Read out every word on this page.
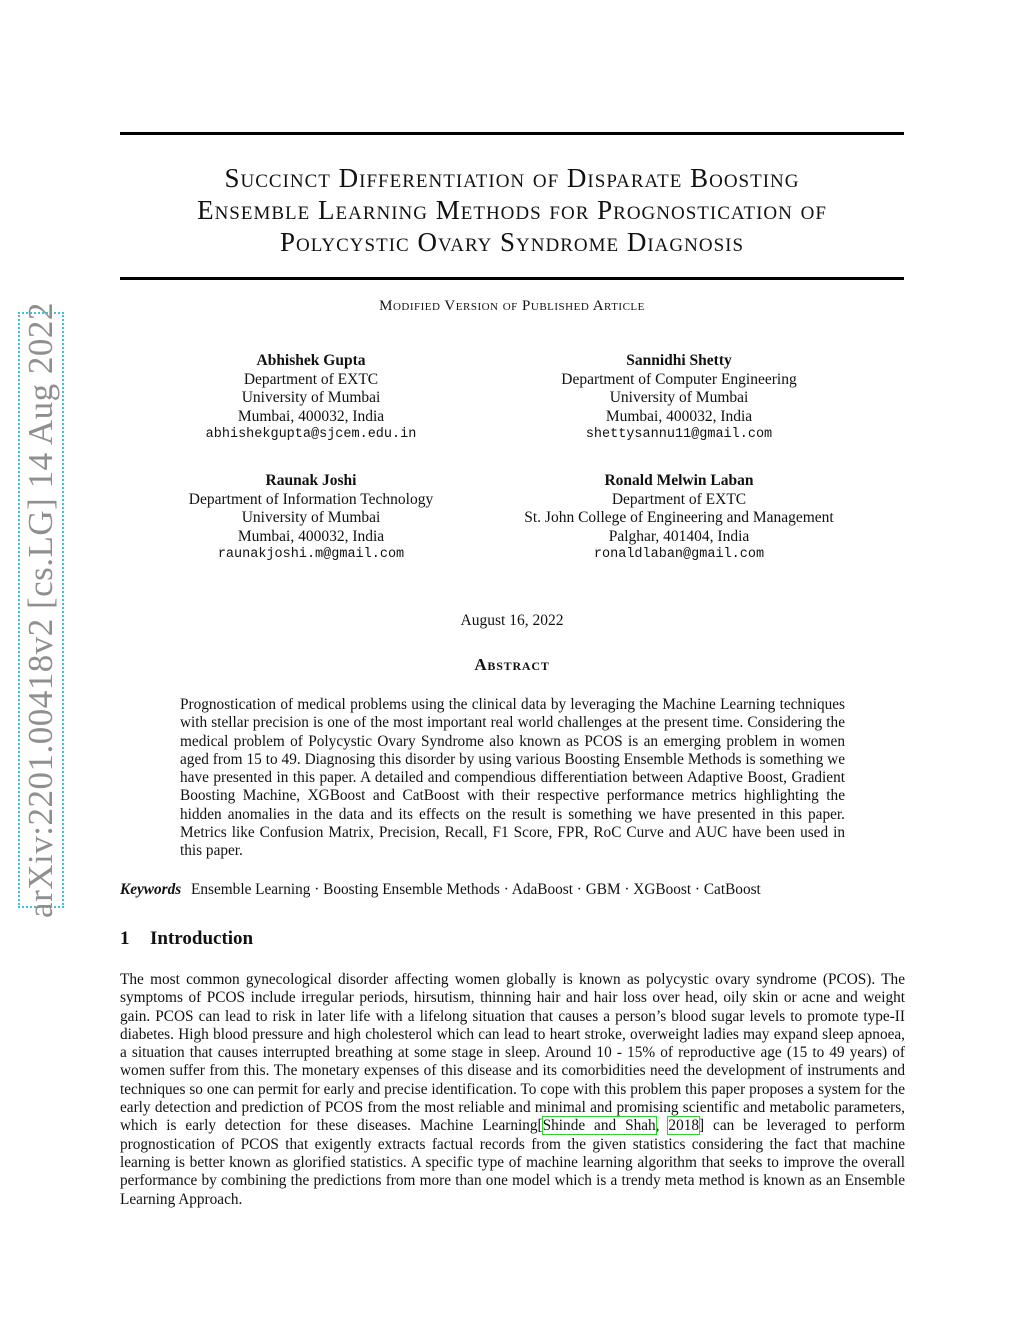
Succinct Differentiation of Disparate Boosting
Ensemble Learning Methods for Prognostication of
Polycystic Ovary Syndrome Diagnosis
Modified Version of Published Article
Abhishek Gupta
Department of EXTC
University of Mumbai
Mumbai, 400032, India
abhishekgupta@sjcem.edu.in
Sannidhi Shetty
Department of Computer Engineering
University of Mumbai
Mumbai, 400032, India
shettysannu11@gmail.com
Raunak Joshi
Department of Information Technology
University of Mumbai
Mumbai, 400032, India
raunakjoshi.m@gmail.com
Ronald Melwin Laban
Department of EXTC
St. John College of Engineering and Management
Palghar, 401404, India
ronaldlaban@gmail.com
August 16, 2022
Abstract
Prognostication of medical problems using the clinical data by leveraging the Machine Learning techniques with stellar precision is one of the most important real world challenges at the present time. Considering the medical problem of Polycystic Ovary Syndrome also known as PCOS is an emerging problem in women aged from 15 to 49. Diagnosing this disorder by using various Boosting Ensemble Methods is something we have presented in this paper. A detailed and compendious differentiation between Adaptive Boost, Gradient Boosting Machine, XGBoost and CatBoost with their respective performance metrics highlighting the hidden anomalies in the data and its effects on the result is something we have presented in this paper. Metrics like Confusion Matrix, Precision, Recall, F1 Score, FPR, RoC Curve and AUC have been used in this paper.
Keywords Ensemble Learning · Boosting Ensemble Methods · AdaBoost · GBM · XGBoost · CatBoost
1 Introduction
The most common gynecological disorder affecting women globally is known as polycystic ovary syndrome (PCOS). The symptoms of PCOS include irregular periods, hirsutism, thinning hair and hair loss over head, oily skin or acne and weight gain. PCOS can lead to risk in later life with a lifelong situation that causes a person’s blood sugar levels to promote type-II diabetes. High blood pressure and high cholesterol which can lead to heart stroke, overweight ladies may expand sleep apnoea, a situation that causes interrupted breathing at some stage in sleep. Around 10 - 15% of reproductive age (15 to 49 years) of women suffer from this. The monetary expenses of this disease and its comorbidities need the development of instruments and techniques so one can permit for early and precise identification. To cope with this problem this paper proposes a system for the early detection and prediction of PCOS from the most reliable and minimal and promising scientific and metabolic parameters, which is early detection for these diseases. Machine Learning[Shinde and Shah, 2018] can be leveraged to perform prognostication of PCOS that exigently extracts factual records from the given statistics considering the fact that machine learning is better known as glorified statistics. A specific type of machine learning algorithm that seeks to improve the overall performance by combining the predictions from more than one model which is a trendy meta method is known as an Ensemble Learning Approach.
arXiv:2201.00418v2 [cs.LG] 14 Aug 2022
